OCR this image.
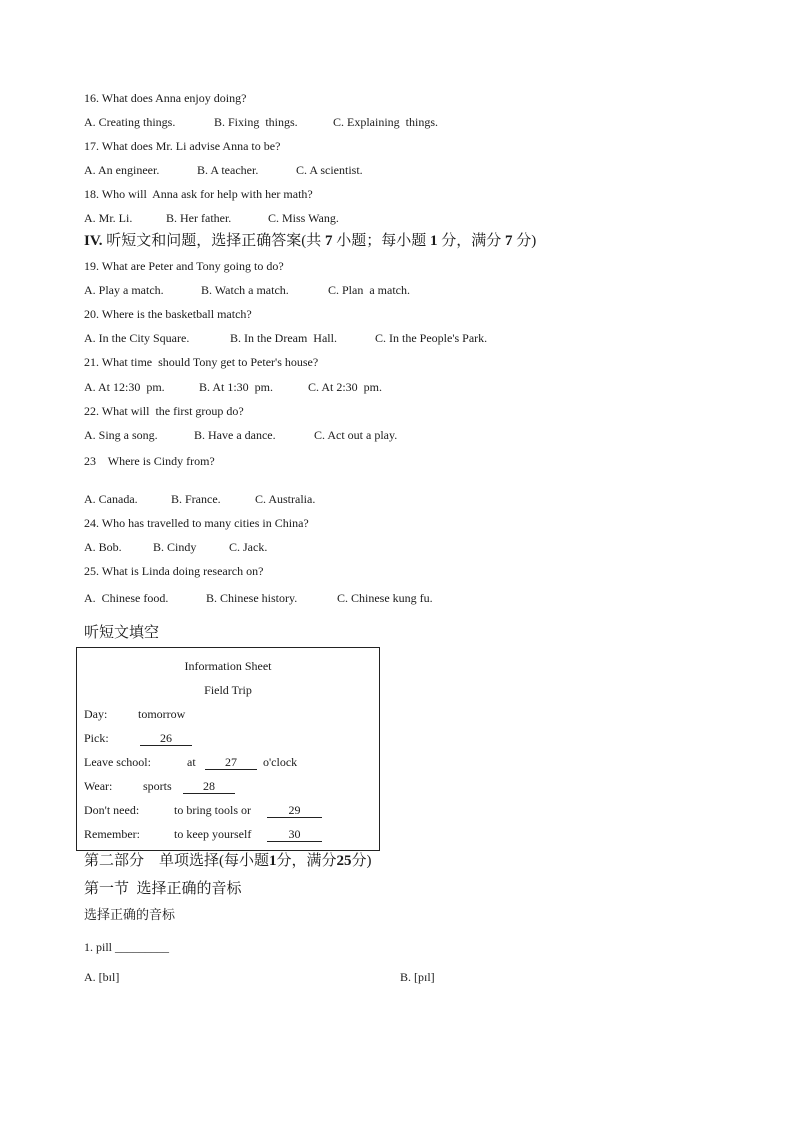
16. What does Anna enjoy doing?
A. Creating things.	B. Fixing  things.	C. Explaining  things.
17. What does Mr. Li advise Anna to be?
A. An engineer.	B. A teacher.	C. A scientist.
18. Who will  Anna ask for help with her math?
A. Mr. Li.	B. Her father.	C. Miss Wang.
IV. 听短文和问题，选择正确答案(共 7 小题；每小题 1 分，满分 7 分)
19. What are Peter and Tony going to do?
A. Play a match.	B. Watch a match.	C. Plan  a match.
20. Where is the basketball match?
A. In the City Square.	B. In the Dream  Hall.	C. In the People's Park.
21. What time  should Tony get to Peter's house?
A. At 12:30  pm.	B. At 1:30  pm.	C. At 2:30  pm.
22. What will  the first group do?
A. Sing a song.	B. Have a dance.	C. Act out a play.
23    Where is Cindy from?
A. Canada.	B. France.	C. Australia.
24. Who has travelled to many cities in China?
A. Bob.	B. Cindy	C. Jack.
25. What is Linda doing research on?
A.  Chinese food.	B. Chinese history.	C. Chinese kung fu.
听短文填空
Information Sheet
Field Trip
Day:	tomorrow
Pick:	26
Leave school:	at	27	o'clock
Wear:	sports	28
Don't need:	to bring tools or	29
Remember:	to keep yourself	30
第二部分    单项选择(每小题1分，满分25分)
第一节  选择正确的音标
选择正确的音标
1. pill _________
A. [bɪl]	B. [pɪl]
